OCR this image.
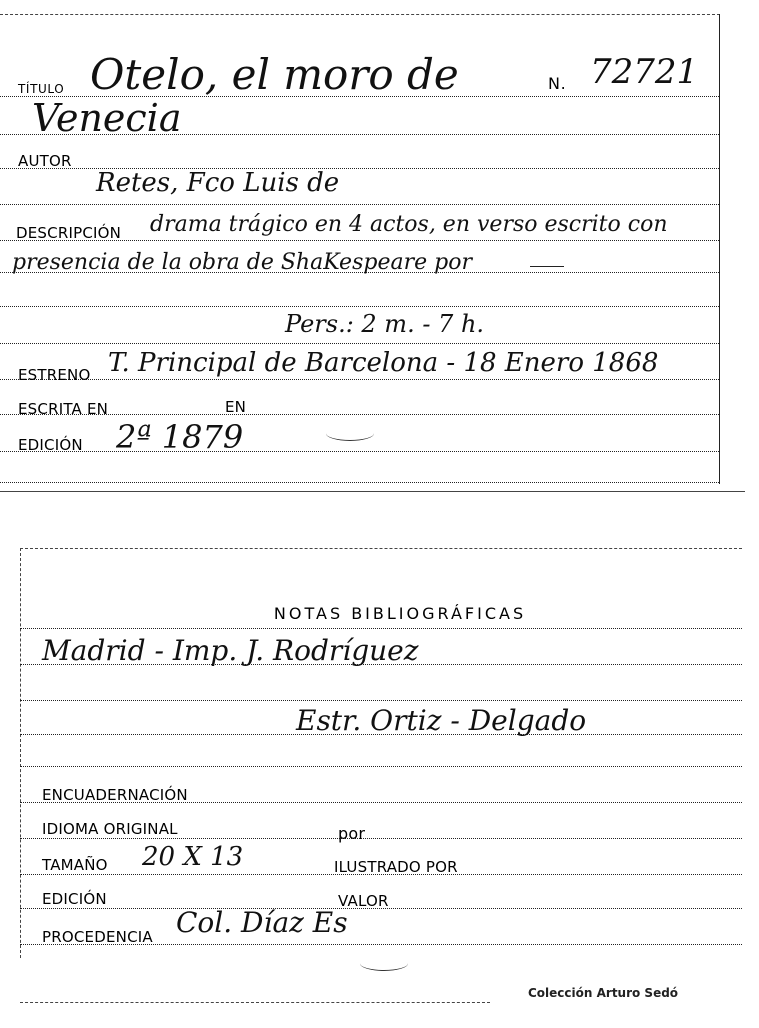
TÍTULO Otelo, el moro de	N. 72721
Venecia
AUTOR
Retes, Fco Luis de
DESCRIPCIÓN drama trágico en 4 actos, en verso escrito con
presencia de la obra de ShaKespeare por
Pers.: 2 m. - 7 h.
ESTRENO T. Principal de Barcelona - 18 Enero 1868
ESCRITA EN	EN
EDICIÓN 2ª 1879
NOTAS BIBLIOGRÁFICAS
Madrid - Imp. J. Rodríguez
Estr. Ortiz - Delgado
ENCUADERNACIÓN
IDIOMA ORIGINAL	por
TAMAÑO 20 X 13	ILUSTRADO POR
EDICIÓN	VALOR
PROCEDENCIA Col. Díaz Es
Colección Arturo Sedó
